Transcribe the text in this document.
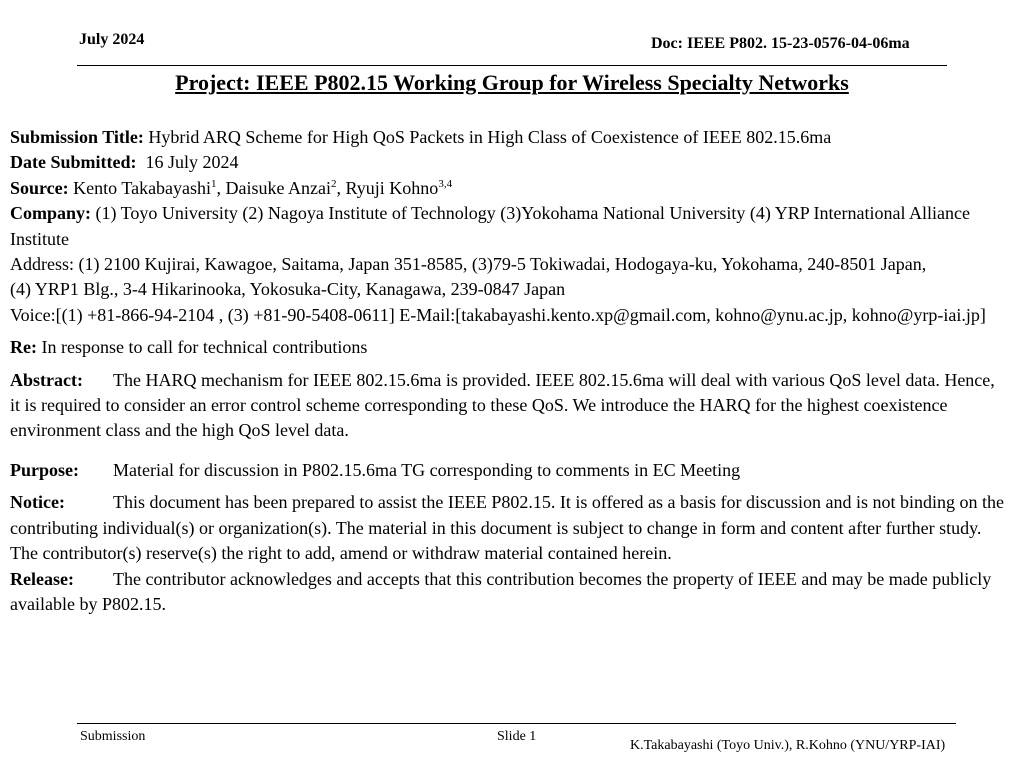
July 2024	Doc: IEEE P802. 15-23-0576-04-06ma
Project: IEEE P802.15 Working Group for Wireless Specialty Networks

Submission Title: Hybrid ARQ Scheme for High QoS Packets in High Class of Coexistence of IEEE 802.15.6ma

Date Submitted: 16 July 2024

Source: Kento Takabayashi$^1$, Daisuke Anzai$^2$, Ryuji Kohno$^{3,4}$

Company: (1) Toyo University (2) Nagoya Institute of Technology (3)Yokohama National University (4) YRP International Alliance Institute

Address: (1) 2100 Kujirai, Kawagoe, Saitama, Japan 351-8585, (3)79-5 Tokiwadai, Hodogaya-ku, Yokohama, 240-8501 Japan,

(4) YRP1 Blg., 3-4 Hikarinooka, Yokosuka-City, Kanagawa, 239-0847 Japan

Voice:[(1) +81-866-94-2104 , (3) +81-90-5408-0611] E-Mail:[takabayashi.kento.xp@gmail.com, kohno@ynu.ac.jp, kohno@yrp-iai.jp]

Re: In response to call for technical contributions

Abstract: The HARQ mechanism for IEEE 802.15.6ma is provided. IEEE 802.15.6ma will deal with various QoS level data. Hence, it is required to consider an error control scheme corresponding to these QoS. We introduce the HARQ for the highest coexistence environment class and the high QoS level data.

Purpose: Material for discussion in P802.15.6ma TG corresponding to comments in EC Meeting

Notice:	This document has been prepared to assist the IEEE P802.15. It is offered as a basis for discussion and is not binding on the contributing individual(s) or organization(s). The material in this document is subject to change in form and content after further study. The contributor(s) reserve(s) the right to add, amend or withdraw material contained herein.

Release: The contributor acknowledges and accepts that this contribution becomes the property of IEEE and may be made publicly available by P802.15.

Submission	Slide 1
K.Takabayashi (Toyo Univ.), R.Kohno (YNU/YRP-IAI)
